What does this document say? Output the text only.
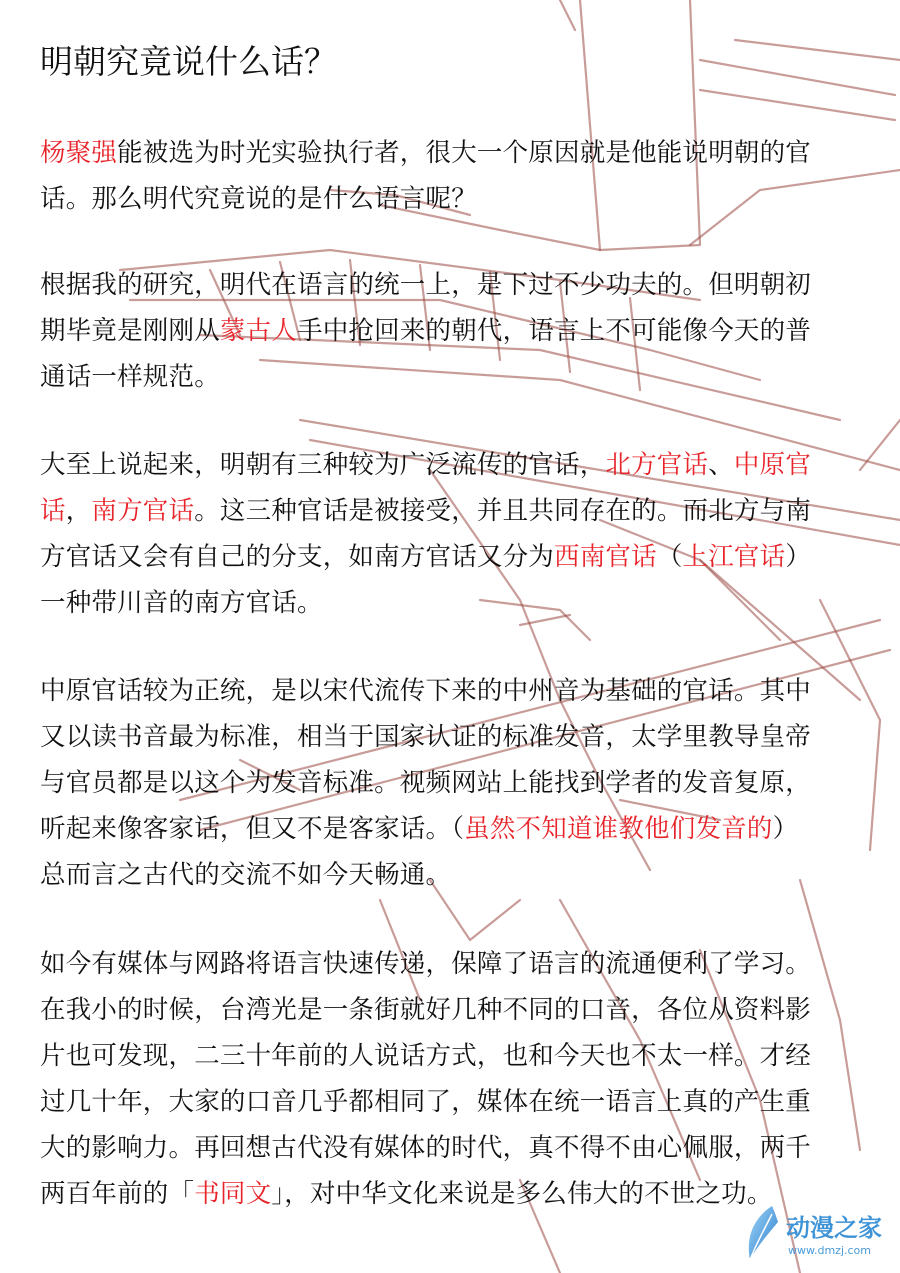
明朝究竟说什么话？

杨聚强能被选为时光实验执行者，很大一个原因就是他能说明朝的官
话。那么明代究竟说的是什么语言呢？

根据我的研究，明代在语言的统一上，是下过不少功夫的。但明朝初
期毕竟是刚刚从蒙古人手中抢回来的朝代，语言上不可能像今天的普
通话一样规范。

大至上说起来，明朝有三种较为广泛流传的官话，北方官话、中原官
话，南方官话。这三种官话是被接受，并且共同存在的。而北方与南
方官话又会有自己的分支，如南方官话又分为西南官话（上江官话）
一种带川音的南方官话。

中原官话较为正统，是以宋代流传下来的中州音为基础的官话。其中
又以读书音最为标准，相当于国家认证的标准发音，太学里教导皇帝
与官员都是以这个为发音标准。视频网站上能找到学者的发音复原，
听起来像客家话，但又不是客家话。（虽然不知道谁教他们发音的）
总而言之古代的交流不如今天畅通。

如今有媒体与网路将语言快速传递，保障了语言的流通便利了学习。
在我小的时候，台湾光是一条街就好几种不同的口音，各位从资料影
片也可发现，二三十年前的人说话方式，也和今天也不太一样。才经
过几十年，大家的口音几乎都相同了，媒体在统一语言上真的产生重
大的影响力。再回想古代没有媒体的时代，真不得不由心佩服，两千
两百年前的「书同文」，对中华文化来说是多么伟大的不世之功。

动漫之家
www.dmzj.com
